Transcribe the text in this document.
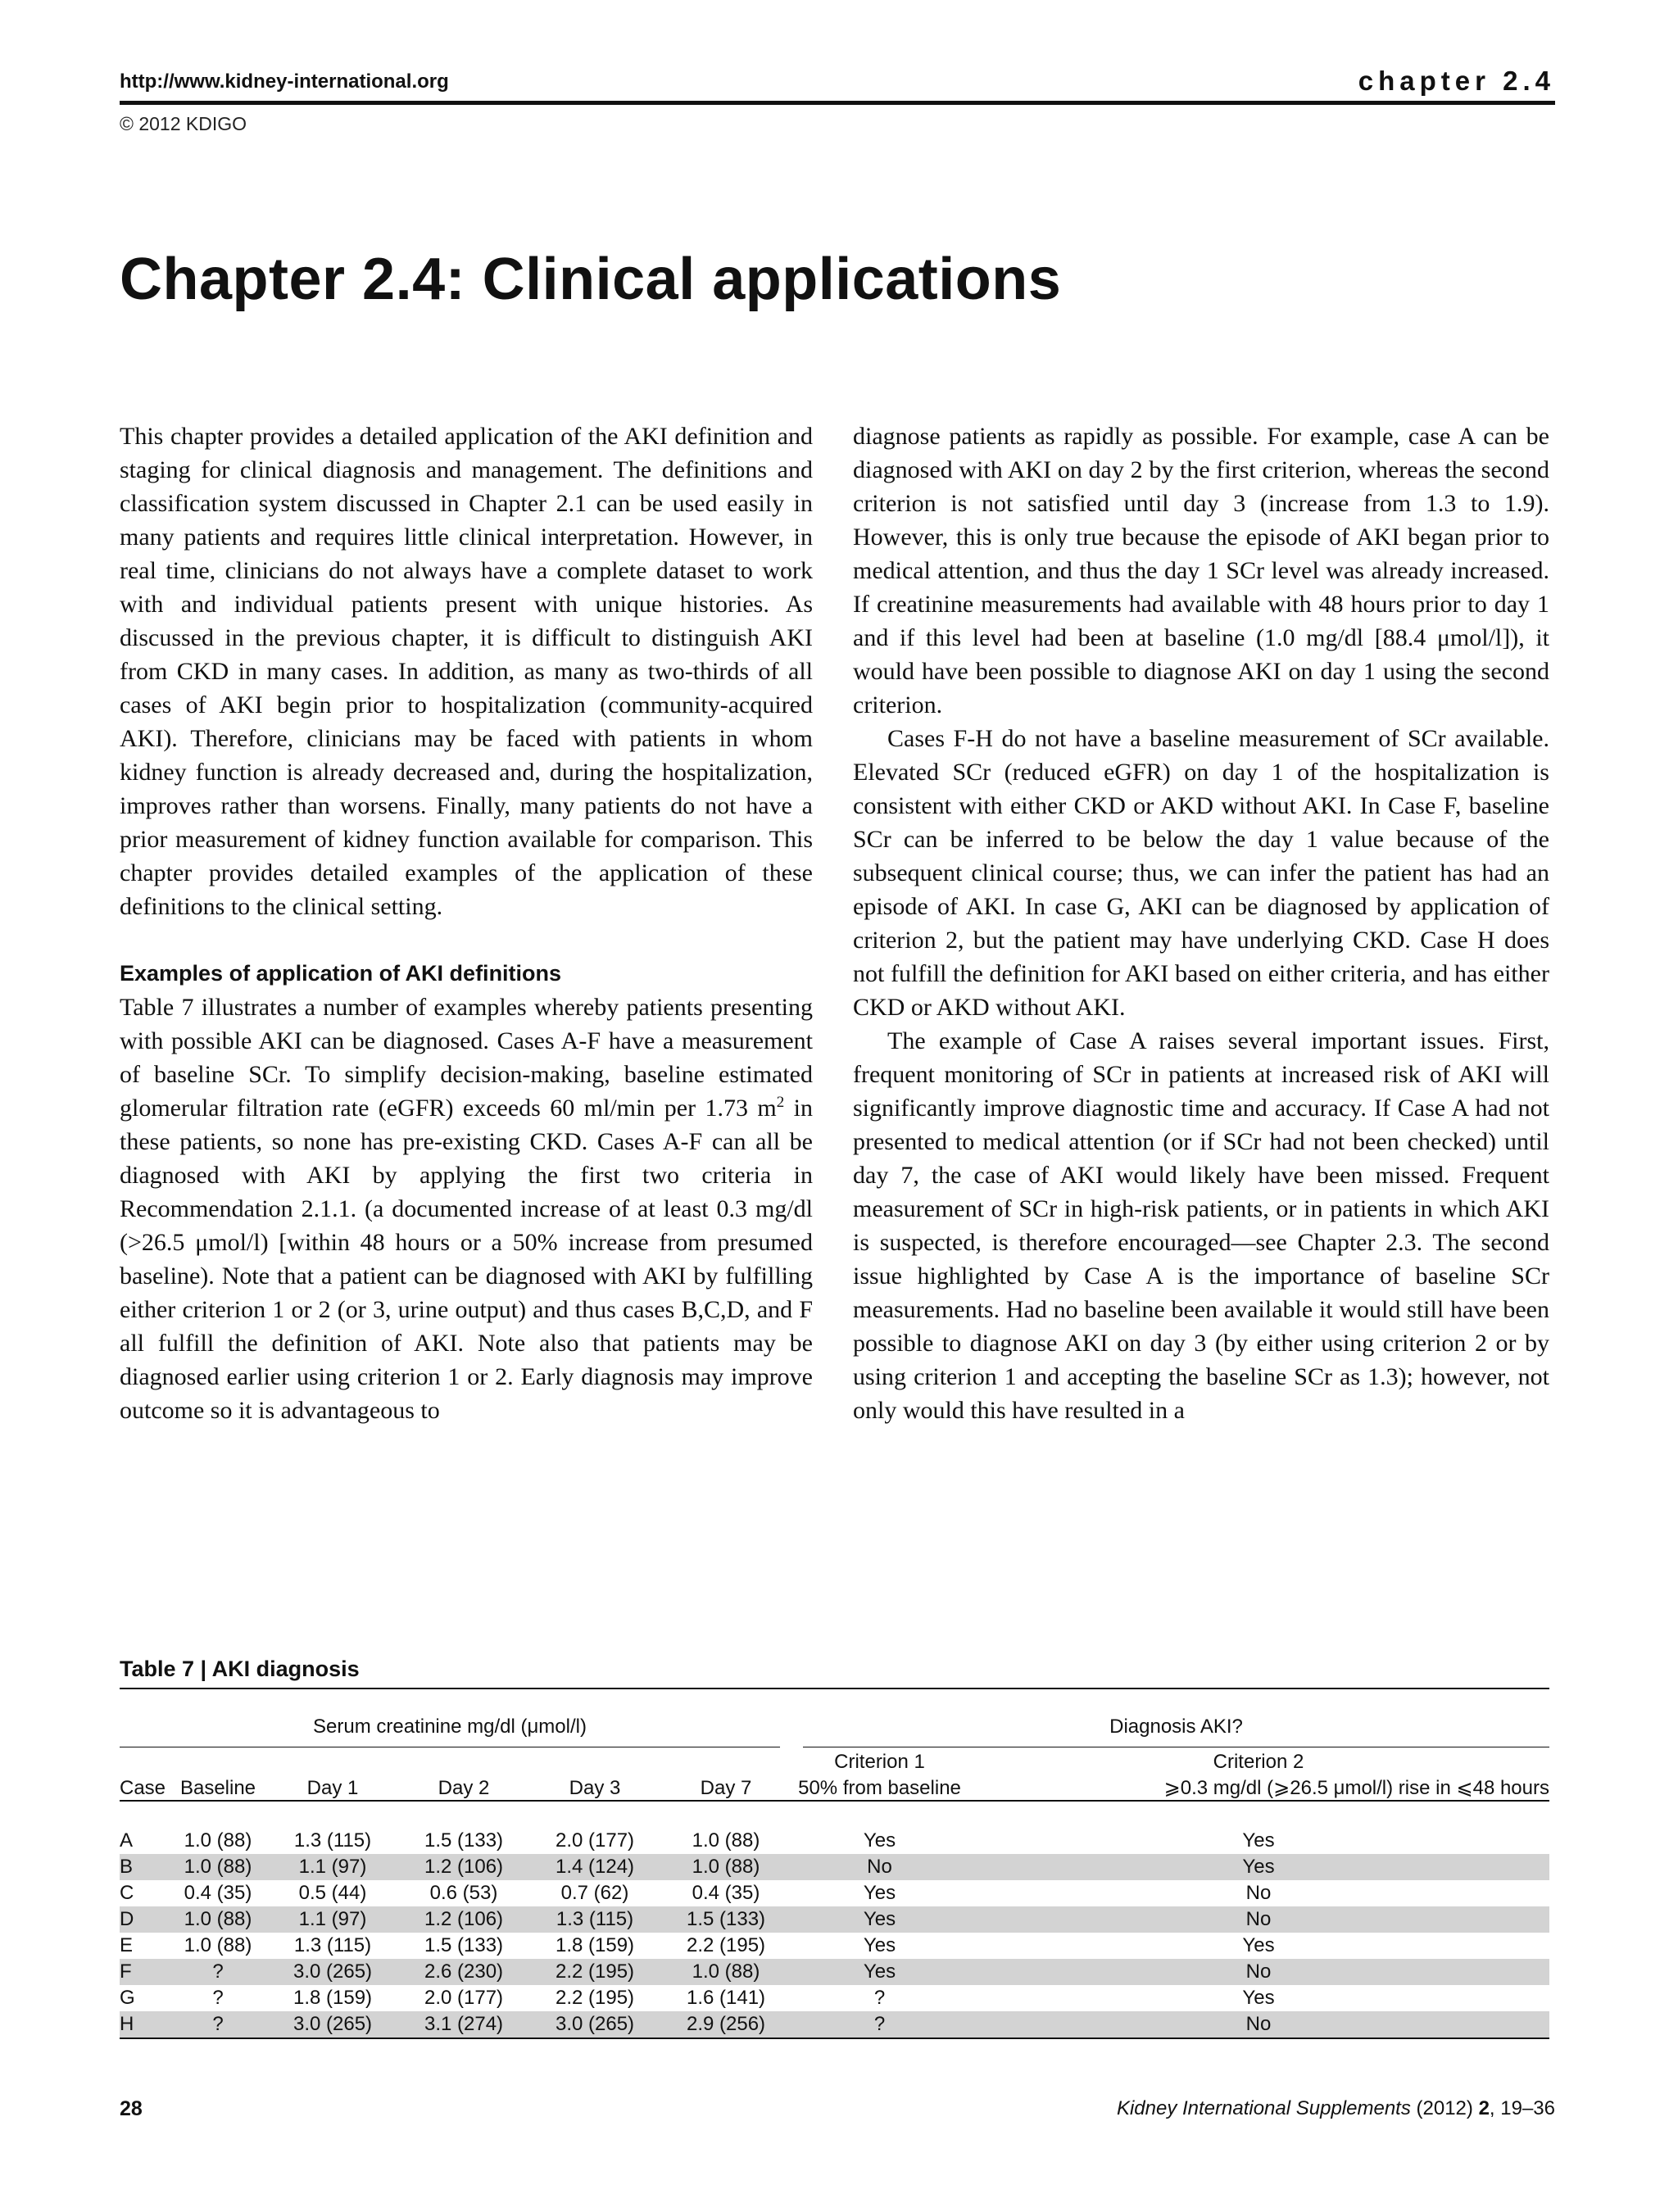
http://www.kidney-international.org	chapter 2.4
© 2012 KDIGO
Chapter 2.4: Clinical applications

This chapter provides a detailed application of the AKI definition and staging for clinical diagnosis and management. The definitions and classification system discussed in Chapter 2.1 can be used easily in many patients and requires little clinical interpretation. However, in real time, clinicians do not always have a complete dataset to work with and individual patients present with unique histories. As discussed in the previous chapter, it is difficult to distinguish AKI from CKD in many cases. In addition, as many as two-thirds of all cases of AKI begin prior to hospitalization (community-acquired AKI). Therefore, clinicians may be faced with patients in whom kidney function is already decreased and, during the hospitalization, improves rather than worsens. Finally, many patients do not have a prior measurement of kidney function available for comparison. This chapter provides detailed examples of the application of these definitions to the clinical setting.

Examples of application of AKI definitions

Table 7 illustrates a number of examples whereby patients presenting with possible AKI can be diagnosed. Cases A-F have a measurement of baseline SCr. To simplify decision-making, baseline estimated glomerular filtration rate (eGFR) exceeds 60 ml/min per 1.73 $m^2$ in these patients, so none has pre-existing CKD. Cases A-F can all be diagnosed with AKI by applying the first two criteria in Recommendation 2.1.1. (a documented increase of at least 0.3 mg/dl (>26.5 μmol/l) [within 48 hours or a 50% increase from presumed baseline). Note that a patient can be diagnosed with AKI by fulfilling either criterion 1 or 2 (or 3, urine output) and thus cases B,C,D, and F all fulfill the definition of AKI. Note also that patients may be diagnosed earlier using criterion 1 or 2. Early diagnosis may improve outcome so it is advantageous to

diagnose patients as rapidly as possible. For example, case A can be diagnosed with AKI on day 2 by the first criterion, whereas the second criterion is not satisfied until day 3 (increase from 1.3 to 1.9). However, this is only true because the episode of AKI began prior to medical attention, and thus the day 1 SCr level was already increased. If creatinine measurements had available with 48 hours prior to day 1 and if this level had been at baseline (1.0 mg/dl [88.4 μmol/l]), it would have been possible to diagnose AKI on day 1 using the second criterion.

Cases F-H do not have a baseline measurement of SCr available. Elevated SCr (reduced eGFR) on day 1 of the hospitalization is consistent with either CKD or AKD without AKI. In Case F, baseline SCr can be inferred to be below the day 1 value because of the subsequent clinical course; thus, we can infer the patient has had an episode of AKI. In case G, AKI can be diagnosed by application of criterion 2, but the patient may have underlying CKD. Case H does not fulfill the definition for AKI based on either criteria, and has either CKD or AKD without AKI.

The example of Case A raises several important issues. First, frequent monitoring of SCr in patients at increased risk of AKI will significantly improve diagnostic time and accuracy. If Case A had not presented to medical attention (or if SCr had not been checked) until day 7, the case of AKI would likely have been missed. Frequent measurement of SCr in high-risk patients, or in patients in which AKI is suspected, is therefore encouraged—see Chapter 2.3. The second issue highlighted by Case A is the importance of baseline SCr measurements. Had no baseline been available it would still have been possible to diagnose AKI on day 3 (by either using criterion 2 or by using criterion 1 and accepting the baseline SCr as 1.3); however, not only would this have resulted in a

Table 7 | AKI diagnosis

Serum creatinine mg/dl (μmol/l)						Diagnosis AKI?	

						Criterion 1	Criterion 2
Case	Baseline	Day 1	Day 2	Day 3	Day 7	50% from baseline	⩾0.3 mg/dl (⩾26.5 μmol/l) rise in ⩽48 hours

A	1.0 (88)	1.3 (115)	1.5 (133)	2.0 (177)	1.0 (88)	Yes	Yes
B	1.0 (88)	1.1 (97)	1.2 (106)	1.4 (124)	1.0 (88)	No	Yes
C	0.4 (35)	0.5 (44)	0.6 (53)	0.7 (62)	0.4 (35)	Yes	No
D	1.0 (88)	1.1 (97)	1.2 (106)	1.3 (115)	1.5 (133)	Yes	No
E	1.0 (88)	1.3 (115)	1.5 (133)	1.8 (159)	2.2 (195)	Yes	Yes
F	?	3.0 (265)	2.6 (230)	2.2 (195)	1.0 (88)	Yes	No
G	?	1.8 (159)	2.0 (177)	2.2 (195)	1.6 (141)	?	Yes
H	?	3.0 (265)	3.1 (274)	3.0 (265)	2.9 (256)	?	No

28	Kidney International Supplements (2012) 2, 19–36
